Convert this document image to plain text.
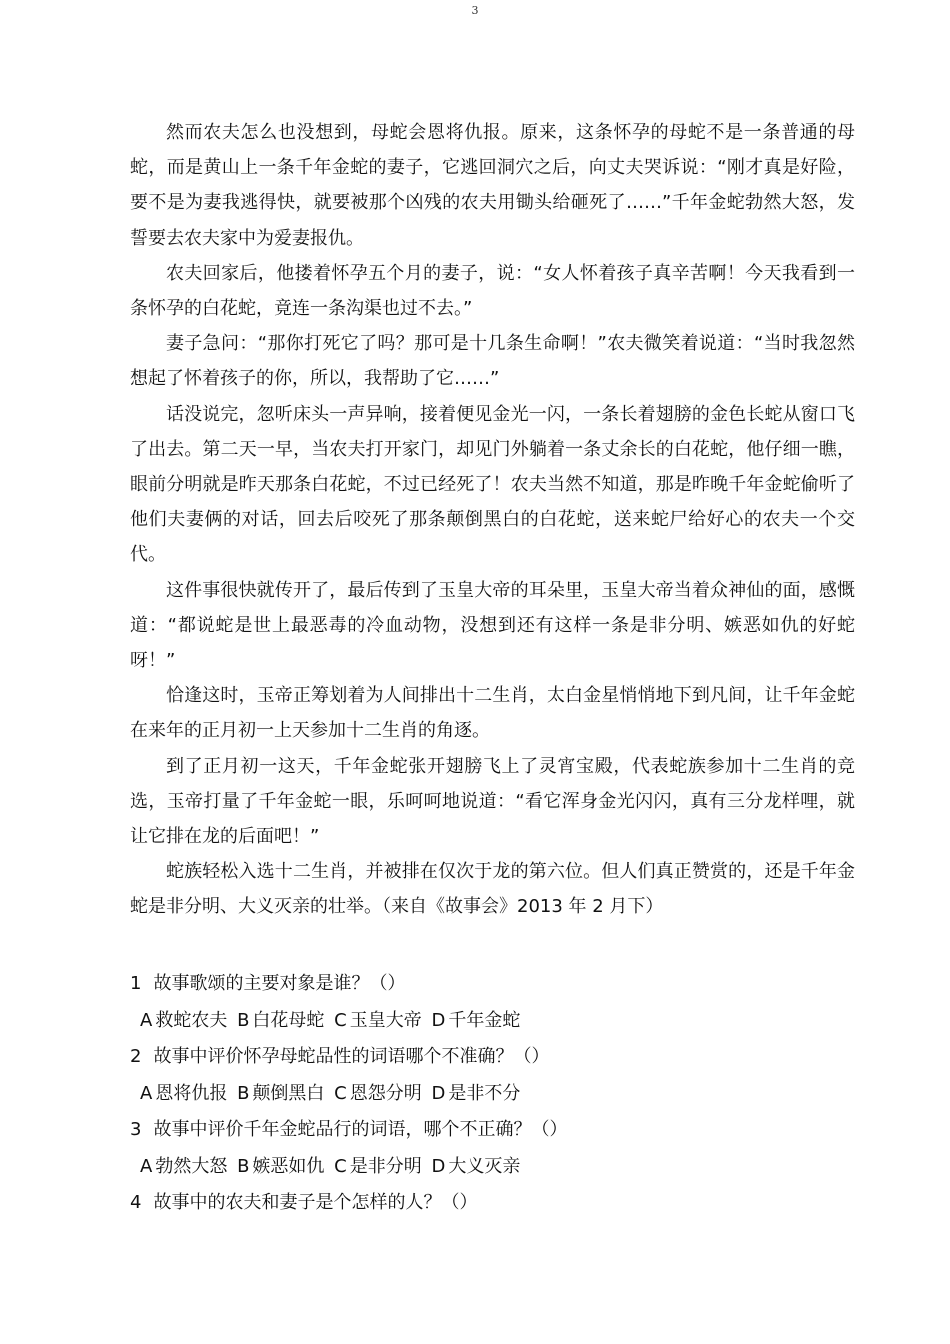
3

然而农夫怎么也没想到，母蛇会恩将仇报。原来，这条怀孕的母蛇不是一条普通的母蛇，而是黄山上一条千年金蛇的妻子，它逃回洞穴之后，向丈夫哭诉说：“刚才真是好险，要不是为妻我逃得快，就要被那个凶残的农夫用锄头给砸死了……”千年金蛇勃然大怒，发誓要去农夫家中为爱妻报仇。

农夫回家后，他搂着怀孕五个月的妻子，说：“女人怀着孩子真辛苦啊！今天我看到一条怀孕的白花蛇，竟连一条沟渠也过不去。”

妻子急问：“那你打死它了吗？那可是十几条生命啊！”农夫微笑着说道：“当时我忽然想起了怀着孩子的你，所以，我帮助了它……”

话没说完，忽听床头一声异响，接着便见金光一闪，一条长着翅膀的金色长蛇从窗口飞了出去。第二天一早，当农夫打开家门，却见门外躺着一条丈余长的白花蛇，他仔细一瞧，眼前分明就是昨天那条白花蛇，不过已经死了！农夫当然不知道，那是昨晚千年金蛇偷听了他们夫妻俩的对话，回去后咬死了那条颠倒黑白的白花蛇，送来蛇尸给好心的农夫一个交代。

这件事很快就传开了，最后传到了玉皇大帝的耳朵里，玉皇大帝当着众神仙的面，感慨道：“都说蛇是世上最恶毒的冷血动物，没想到还有这样一条是非分明、嫉恶如仇的好蛇呀！”

恰逢这时，玉帝正筹划着为人间排出十二生肖，太白金星悄悄地下到凡间，让千年金蛇在来年的正月初一上天参加十二生肖的角逐。

到了正月初一这天，千年金蛇张开翅膀飞上了灵宵宝殿，代表蛇族参加十二生肖的竞选，玉帝打量了千年金蛇一眼，乐呵呵地说道：“看它浑身金光闪闪，真有三分龙样哩，就让它排在龙的后面吧！”

蛇族轻松入选十二生肖，并被排在仅次于龙的第六位。但人们真正赞赏的，还是千年金蛇是非分明、大义灭亲的壮举。（来自《故事会》2013 年 2 月下）

1 故事歌颂的主要对象是谁？（）
A 救蛇农夫 B 白花母蛇 C 玉皇大帝 D 千年金蛇
2 故事中评价怀孕母蛇品性的词语哪个不准确？（）
A 恩将仇报 B 颠倒黑白 C 恩怨分明 D 是非不分
3 故事中评价千年金蛇品行的词语，哪个不正确？（）
A 勃然大怒 B 嫉恶如仇 C 是非分明 D 大义灭亲
4 故事中的农夫和妻子是个怎样的人？（）
